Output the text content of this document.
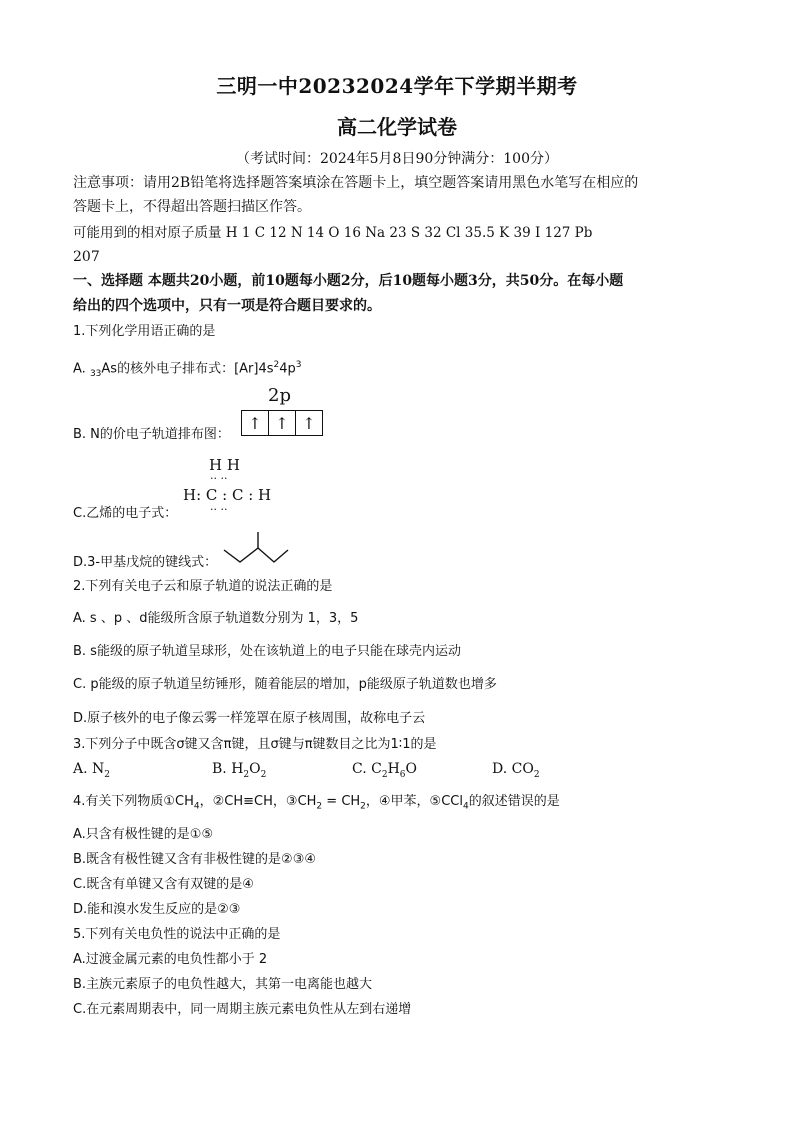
三明一中20232024学年下学期半期考
高二化学试卷
（考试时间：2024年5月8日90分钟满分：100分）
注意事项：请用2B铅笔将选择题答案填涂在答题卡上，填空题答案请用黑色水笔写在相应的
答题卡上，不得超出答题扫描区作答。
可能用到的相对原子质量 H 1 C 12 N 14 O 16 Na 23 S 32 Cl 35.5 K 39 I 127 Pb
207
一、选择题 本题共20小题，前10题每小题2分，后10题每小题3分，共50分。在每小题
给出的四个选项中，只有一项是符合题目要求的。
1.下列化学用语正确的是
A. $_{33}$As的核外电子排布式：$[Ar]4s^24p^3$
2p
↑ ↑ ↑
B. N的价电子轨道排布图：
H H
·· ··
H: C : C : H
·· ··
C.乙烯的电子式：
D.3-甲基戊烷的键线式：
2.下列有关电子云和原子轨道的说法正确的是
A. s 、p 、d能级所含原子轨道数分别为 1，3，5
B. s能级的原子轨道呈球形，处在该轨道上的电子只能在球壳内运动
C. p能级的原子轨道呈纺锤形，随着能层的增加，p能级原子轨道数也增多
D.原子核外的电子像云雾一样笼罩在原子核周围，故称电子云
3.下列分子中既含σ键又含π键，且σ键与π键数目之比为1∶1的是
A. $N_2$	B. $H_2O_2$	C. $C_2H_6O$	D. $CO_2$
4.有关下列物质$①CH_4$，②CH≡CH，$③CH_2 = CH_2$，④甲苯，⑤CCl$_4$的叙述错误的是
A.只含有极性键的是①⑤
B.既含有极性键又含有非极性键的是②③④
C.既含有单键又含有双键的是④
D.能和溴水发生反应的是②③
5.下列有关电负性的说法中正确的是
A.过渡金属元素的电负性都小于 2
B.主族元素原子的电负性越大，其第一电离能也越大
C.在元素周期表中，同一周期主族元素电负性从左到右递增
